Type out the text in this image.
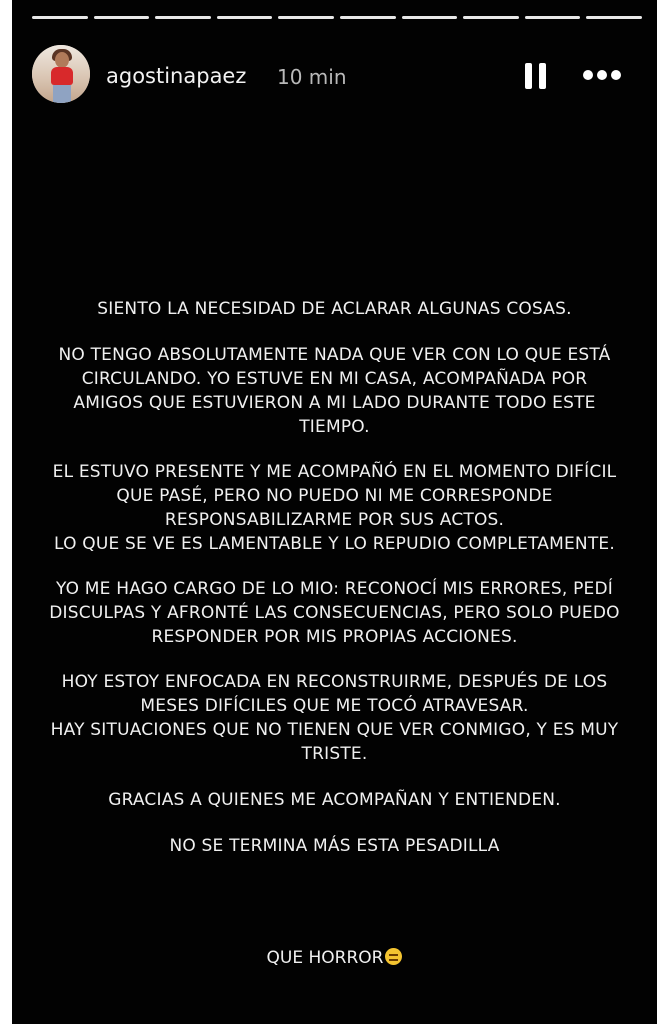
agostinapaez 10 min
SIENTO LA NECESIDAD DE ACLARAR ALGUNAS COSAS.
NO TENGO ABSOLUTAMENTE NADA QUE VER CON LO QUE ESTÁ
CIRCULANDO. YO ESTUVE EN MI CASA, ACOMPAÑADA POR
AMIGOS QUE ESTUVIERON A MI LADO DURANTE TODO ESTE
TIEMPO.
EL ESTUVO PRESENTE Y ME ACOMPAÑÓ EN EL MOMENTO DIFÍCIL
QUE PASÉ, PERO NO PUEDO NI ME CORRESPONDE
RESPONSABILIZARME POR SUS ACTOS.
LO QUE SE VE ES LAMENTABLE Y LO REPUDIO COMPLETAMENTE.
YO ME HAGO CARGO DE LO MIO: RECONOCÍ MIS ERRORES, PEDÍ
DISCULPAS Y AFRONTÉ LAS CONSECUENCIAS, PERO SOLO PUEDO
RESPONDER POR MIS PROPIAS ACCIONES.
HOY ESTOY ENFOCADA EN RECONSTRUIRME, DESPUÉS DE LOS
MESES DIFÍCILES QUE ME TOCÓ ATRAVESAR.
HAY SITUACIONES QUE NO TIENEN QUE VER CONMIGO, Y ES MUY
TRISTE.
GRACIAS A QUIENES ME ACOMPAÑAN Y ENTIENDEN.
NO SE TERMINA MÁS ESTA PESADILLA
QUE HORROR
